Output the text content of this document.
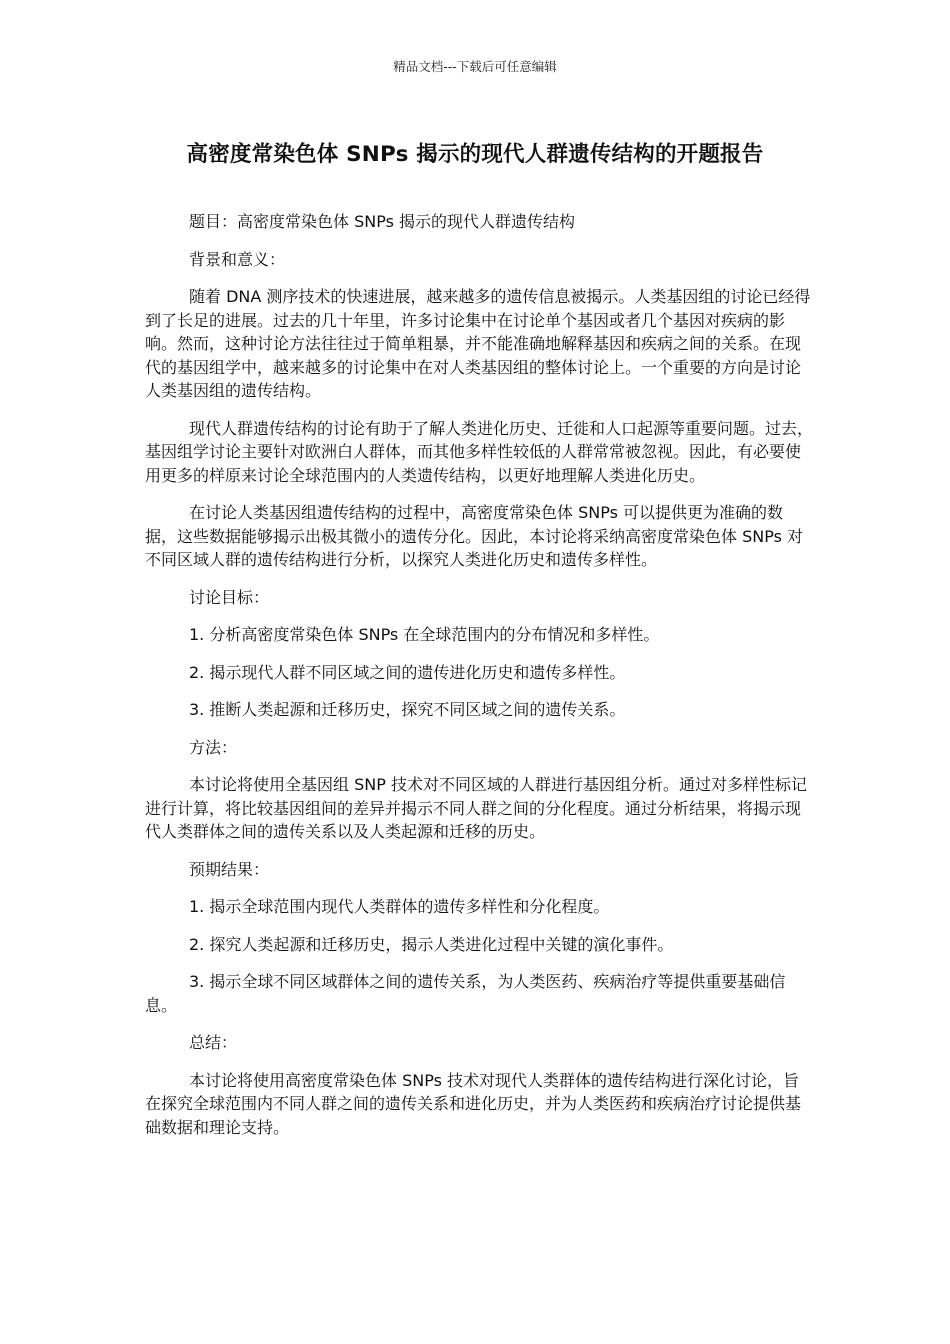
精品文档---下载后可任意编辑
高密度常染色体 SNPs 揭示的现代人群遗传结构的开题报告

题目：高密度常染色体 SNPs 揭示的现代人群遗传结构

背景和意义：

随着 DNA 测序技术的快速进展，越来越多的遗传信息被揭示。人类基因组的讨论已经得到了长足的进展。过去的几十年里，许多讨论集中在讨论单个基因或者几个基因对疾病的影响。然而，这种讨论方法往往过于简单粗暴，并不能准确地解释基因和疾病之间的关系。在现代的基因组学中，越来越多的讨论集中在对人类基因组的整体讨论上。一个重要的方向是讨论人类基因组的遗传结构。

现代人群遗传结构的讨论有助于了解人类进化历史、迁徙和人口起源等重要问题。过去，基因组学讨论主要针对欧洲白人群体，而其他多样性较低的人群常常被忽视。因此，有必要使用更多的样原来讨论全球范围内的人类遗传结构，以更好地理解人类进化历史。

在讨论人类基因组遗传结构的过程中，高密度常染色体 SNPs 可以提供更为准确的数据，这些数据能够揭示出极其微小的遗传分化。因此，本讨论将采纳高密度常染色体 SNPs 对不同区域人群的遗传结构进行分析，以探究人类进化历史和遗传多样性。

讨论目标：

1. 分析高密度常染色体 SNPs 在全球范围内的分布情况和多样性。

2. 揭示现代人群不同区域之间的遗传进化历史和遗传多样性。

3. 推断人类起源和迁移历史，探究不同区域之间的遗传关系。

方法：

本讨论将使用全基因组 SNP 技术对不同区域的人群进行基因组分析。通过对多样性标记进行计算，将比较基因组间的差异并揭示不同人群之间的分化程度。通过分析结果，将揭示现代人类群体之间的遗传关系以及人类起源和迁移的历史。

预期结果：

1. 揭示全球范围内现代人类群体的遗传多样性和分化程度。

2. 探究人类起源和迁移历史，揭示人类进化过程中关键的演化事件。

3. 揭示全球不同区域群体之间的遗传关系，为人类医药、疾病治疗等提供重要基础信息。

总结：

本讨论将使用高密度常染色体 SNPs 技术对现代人类群体的遗传结构进行深化讨论，旨在探究全球范围内不同人群之间的遗传关系和进化历史，并为人类医药和疾病治疗讨论提供基础数据和理论支持。
